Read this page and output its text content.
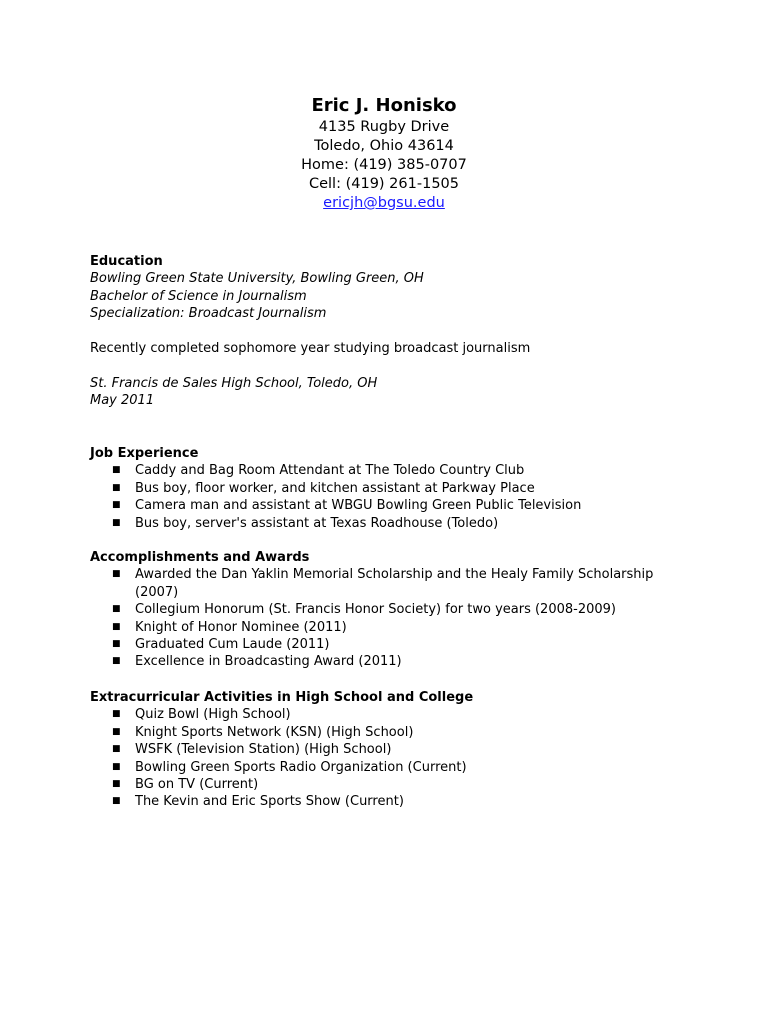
Eric J. Honisko

4135 Rugby Drive

Toledo, Ohio 43614

Home: (419) 385-0707

Cell: (419) 261-1505

ericjh@bgsu.edu

Education

Bowling Green State University, Bowling Green, OH

Bachelor of Science in Journalism

Specialization: Broadcast Journalism

Recently completed sophomore year studying broadcast journalism

St. Francis de Sales High School, Toledo, OH

May 2011

Job Experience

■ Caddy and Bag Room Attendant at The Toledo Country Club
■ Bus boy, floor worker, and kitchen assistant at Parkway Place
■ Camera man and assistant at WBGU Bowling Green Public Television
■ Bus boy, server's assistant at Texas Roadhouse (Toledo)

Accomplishments and Awards

■ Awarded the Dan Yaklin Memorial Scholarship and the Healy Family Scholarship
(2007)
■ Collegium Honorum (St. Francis Honor Society) for two years (2008-2009)
■ Knight of Honor Nominee (2011)
■ Graduated Cum Laude (2011)
■ Excellence in Broadcasting Award (2011)

Extracurricular Activities in High School and College

■ Quiz Bowl (High School)
■ Knight Sports Network (KSN) (High School)
■ WSFK (Television Station) (High School)
■ Bowling Green Sports Radio Organization (Current)
■ BG on TV (Current)
■ The Kevin and Eric Sports Show (Current)
